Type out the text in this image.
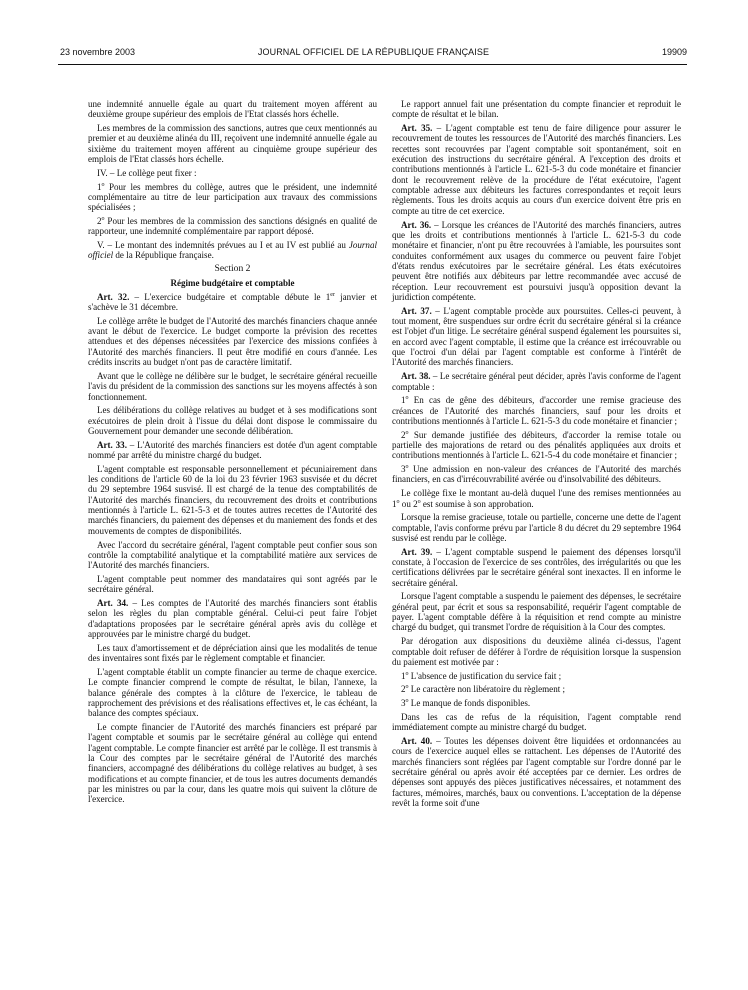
23 novembre 2003	JOURNAL OFFICIEL DE LA RÉPUBLIQUE FRANÇAISE	19909

une indemnité annuelle égale au quart du traitement moyen afférent au deuxième groupe supérieur des emplois de l'Etat classés hors échelle.

Les membres de la commission des sanctions, autres que ceux mentionnés au premier et au deuxième alinéa du III, reçoivent une indemnité annuelle égale au sixième du traitement moyen afférent au cinquième groupe supérieur des emplois de l'Etat classés hors échelle.

IV. – Le collège peut fixer :

1$^o$ Pour les membres du collège, autres que le président, une indemnité complémentaire au titre de leur participation aux travaux des commissions spécialisées ;

2$^o$ Pour les membres de la commission des sanctions désignés en qualité de rapporteur, une indemnité complémentaire par rapport déposé.

V. – Le montant des indemnités prévues au I et au IV est publié au Journal officiel de la République française.

Section 2

Régime budgétaire et comptable

Art. 32. – L'exercice budgétaire et comptable débute le 1er janvier et s'achève le 31 décembre.

Le collège arrête le budget de l'Autorité des marchés financiers chaque année avant le début de l'exercice. Le budget comporte la prévision des recettes attendues et des dépenses nécessitées par l'exercice des missions confiées à l'Autorité des marchés financiers. Il peut être modifié en cours d'année. Les crédits inscrits au budget n'ont pas de caractère limitatif.

Avant que le collège ne délibère sur le budget, le secrétaire général recueille l'avis du président de la commission des sanctions sur les moyens affectés à son fonctionnement.

Les délibérations du collège relatives au budget et à ses modifications sont exécutoires de plein droit à l'issue du délai dont dispose le commissaire du Gouvernement pour demander une seconde délibération.

Art. 33. – L'Autorité des marchés financiers est dotée d'un agent comptable nommé par arrêté du ministre chargé du budget.

L'agent comptable est responsable personnellement et pécuniairement dans les conditions de l'article 60 de la loi du 23 février 1963 susvisée et du décret du 29 septembre 1964 susvisé. Il est chargé de la tenue des comptabilités de l'Autorité des marchés financiers, du recouvrement des droits et contributions mentionnés à l'article L. 621-5-3 et de toutes autres recettes de l'Autorité des marchés financiers, du paiement des dépenses et du maniement des fonds et des mouvements de comptes de disponibilités.

Avec l'accord du secrétaire général, l'agent comptable peut confier sous son contrôle la comptabilité analytique et la comptabilité matière aux services de l'Autorité des marchés financiers.

L'agent comptable peut nommer des mandataires qui sont agréés par le secrétaire général.

Art. 34. – Les comptes de l'Autorité des marchés financiers sont établis selon les règles du plan comptable général. Celui-ci peut faire l'objet d'adaptations proposées par le secrétaire général après avis du collège et approuvées par le ministre chargé du budget.

Les taux d'amortissement et de dépréciation ainsi que les modalités de tenue des inventaires sont fixés par le règlement comptable et financier.

L'agent comptable établit un compte financier au terme de chaque exercice. Le compte financier comprend le compte de résultat, le bilan, l'annexe, la balance générale des comptes à la clôture de l'exercice, le tableau de rapprochement des prévisions et des réalisations effectives et, le cas échéant, la balance des comptes spéciaux.

Le compte financier de l'Autorité des marchés financiers est préparé par l'agent comptable et soumis par le secrétaire général au collège qui entend l'agent comptable. Le compte financier est arrêté par le collège. Il est transmis à la Cour des comptes par le secrétaire général de l'Autorité des marchés financiers, accompagné des délibérations du collège relatives au budget, à ses modifications et au compte financier, et de tous les autres documents demandés par les ministres ou par la cour, dans les quatre mois qui suivent la clôture de l'exercice.

Le rapport annuel fait une présentation du compte financier et reproduit le compte de résultat et le bilan.

Art. 35. – L'agent comptable est tenu de faire diligence pour assurer le recouvrement de toutes les ressources de l'Autorité des marchés financiers. Les recettes sont recouvrées par l'agent comptable soit spontanément, soit en exécution des instructions du secrétaire général. A l'exception des droits et contributions mentionnés à l'article L. 621-5-3 du code monétaire et financier dont le recouvrement relève de la procédure de l'état exécutoire, l'agent comptable adresse aux débiteurs les factures correspondantes et reçoit leurs règlements. Tous les droits acquis au cours d'un exercice doivent être pris en compte au titre de cet exercice.

Art. 36. – Lorsque les créances de l'Autorité des marchés financiers, autres que les droits et contributions mentionnés à l'article L. 621-5-3 du code monétaire et financier, n'ont pu être recouvrées à l'amiable, les poursuites sont conduites conformément aux usages du commerce ou peuvent faire l'objet d'états rendus exécutoires par le secrétaire général. Les états exécutoires peuvent être notifiés aux débiteurs par lettre recommandée avec accusé de réception. Leur recouvrement est poursuivi jusqu'à opposition devant la juridiction compétente.

Art. 37. – L'agent comptable procède aux poursuites. Celles-ci peuvent, à tout moment, être suspendues sur ordre écrit du secrétaire général si la créance est l'objet d'un litige. Le secrétaire général suspend également les poursuites si, en accord avec l'agent comptable, il estime que la créance est irrécouvrable ou que l'octroi d'un délai par l'agent comptable est conforme à l'intérêt de l'Autorité des marchés financiers.

Art. 38. – Le secrétaire général peut décider, après l'avis conforme de l'agent comptable :

1$^o$ En cas de gêne des débiteurs, d'accorder une remise gracieuse des créances de l'Autorité des marchés financiers, sauf pour les droits et contributions mentionnés à l'article L. 621-5-3 du code monétaire et financier ;

2$^o$ Sur demande justifiée des débiteurs, d'accorder la remise totale ou partielle des majorations de retard ou des pénalités appliquées aux droits et contributions mentionnés à l'article L. 621-5-4 du code monétaire et financier ;

3$^o$ Une admission en non-valeur des créances de l'Autorité des marchés financiers, en cas d'irrécouvrabilité avérée ou d'insolvabilité des débiteurs.

Le collège fixe le montant au-delà duquel l'une des remises mentionnées au 1$^o$ ou 2$^o$ est soumise à son approbation.

Lorsque la remise gracieuse, totale ou partielle, concerne une dette de l'agent comptable, l'avis conforme prévu par l'article 8 du décret du 29 septembre 1964 susvisé est rendu par le collège.

Art. 39. – L'agent comptable suspend le paiement des dépenses lorsqu'il constate, à l'occasion de l'exercice de ses contrôles, des irrégularités ou que les certifications délivrées par le secrétaire général sont inexactes. Il en informe le secrétaire général.

Lorsque l'agent comptable a suspendu le paiement des dépenses, le secrétaire général peut, par écrit et sous sa responsabilité, requérir l'agent comptable de payer. L'agent comptable défère à la réquisition et rend compte au ministre chargé du budget, qui transmet l'ordre de réquisition à la Cour des comptes.

Par dérogation aux dispositions du deuxième alinéa ci-dessus, l'agent comptable doit refuser de déférer à l'ordre de réquisition lorsque la suspension du paiement est motivée par :

1$^o$ L'absence de justification du service fait ;

2$^o$ Le caractère non libératoire du règlement ;

3$^o$ Le manque de fonds disponibles.

Dans les cas de refus de la réquisition, l'agent comptable rend immédiatement compte au ministre chargé du budget.

Art. 40. – Toutes les dépenses doivent être liquidées et ordonnancées au cours de l'exercice auquel elles se rattachent. Les dépenses de l'Autorité des marchés financiers sont réglées par l'agent comptable sur l'ordre donné par le secrétaire général ou après avoir été acceptées par ce dernier. Les ordres de dépenses sont appuyés des pièces justificatives nécessaires, et notamment des factures, mémoires, marchés, baux ou conventions. L'acceptation de la dépense revêt la forme soit d'une
